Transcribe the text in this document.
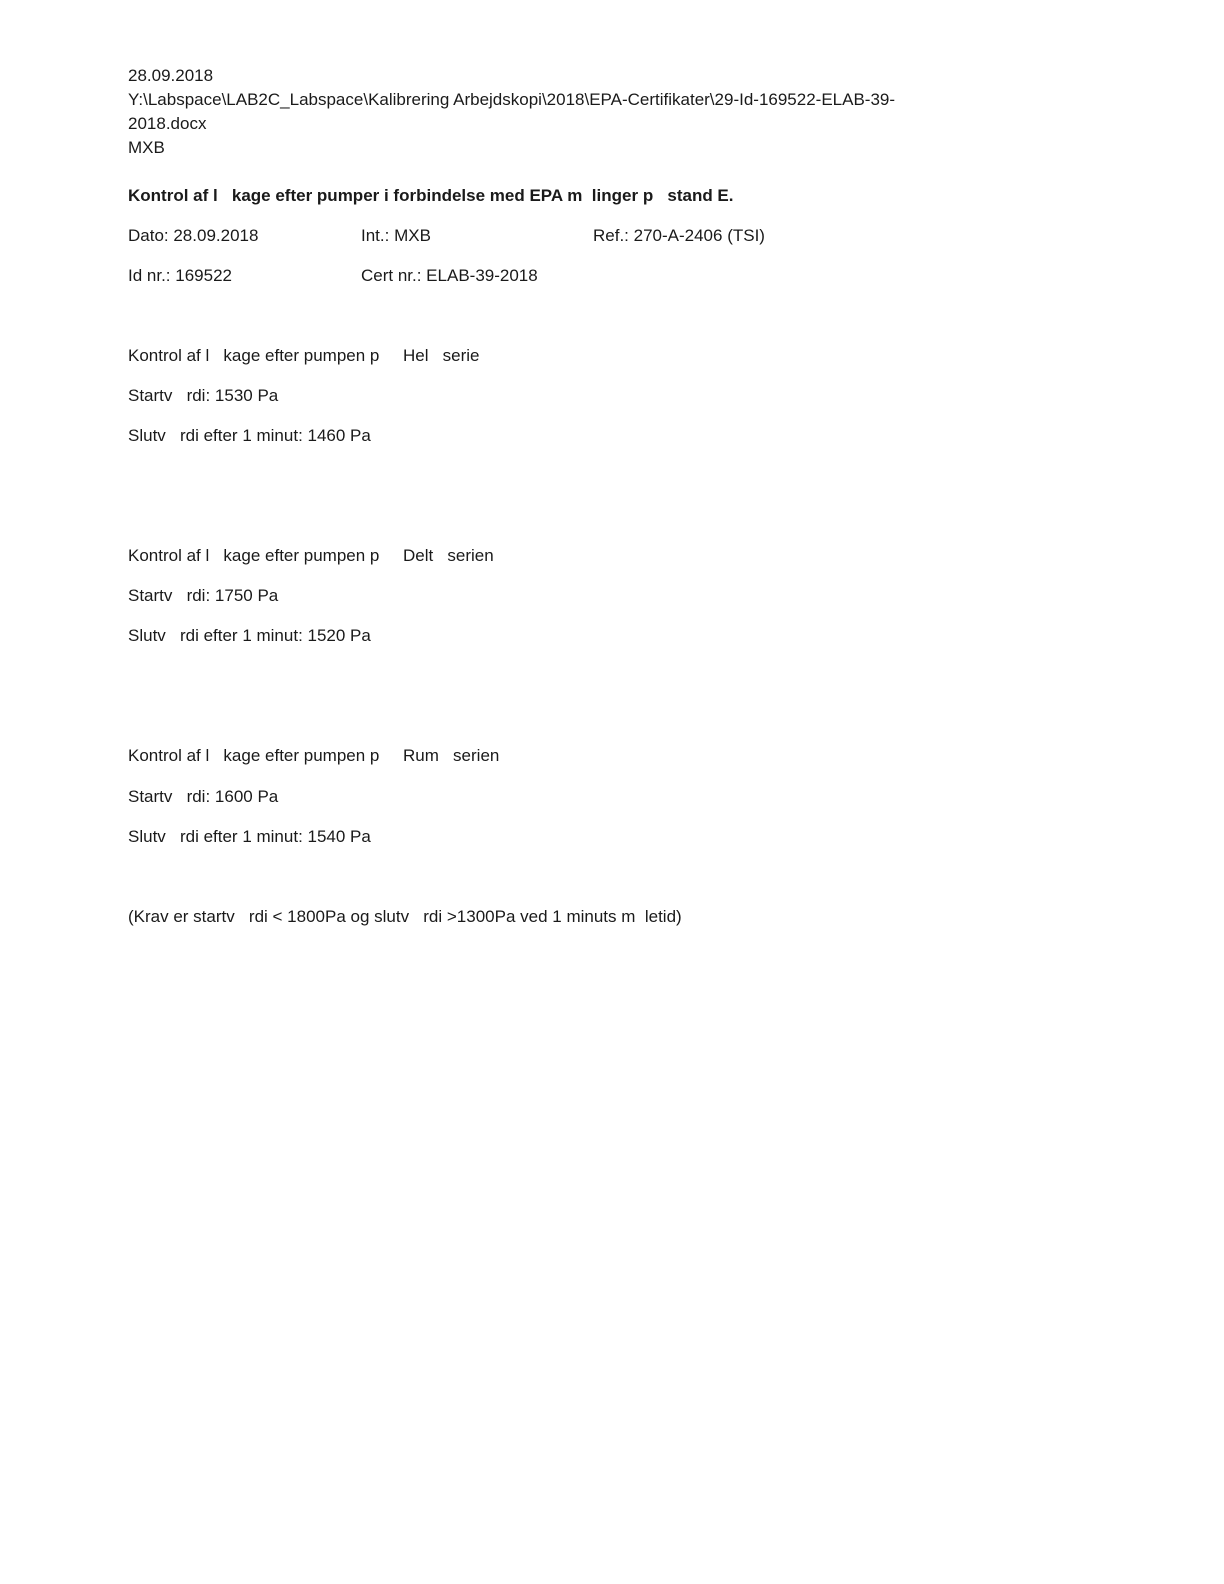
28.09.2018
Y:\Labspace\LAB2C_Labspace\Kalibrering Arbejdskopi\2018\EPA-Certifikater\29-Id-169522-ELAB-39-
2018.docx
MXB
Kontrol af l   kage efter pumper i forbindelse med EPA m  linger p   stand E.
Dato: 28.09.2018	Int.: MXB	Ref.: 270-A-2406 (TSI)
Id nr.: 169522	Cert nr.: ELAB-39-2018
Kontrol af l   kage efter pumpen p     Hel   serie
Startv   rdi: 1530 Pa
Slutv   rdi efter 1 minut: 1460 Pa
Kontrol af l   kage efter pumpen p     Delt   serien
Startv   rdi: 1750 Pa
Slutv   rdi efter 1 minut: 1520 Pa
Kontrol af l   kage efter pumpen p     Rum   serien
Startv   rdi: 1600 Pa
Slutv   rdi efter 1 minut: 1540 Pa
(Krav er startv   rdi < 1800Pa og slutv   rdi >1300Pa ved 1 minuts m  letid)
